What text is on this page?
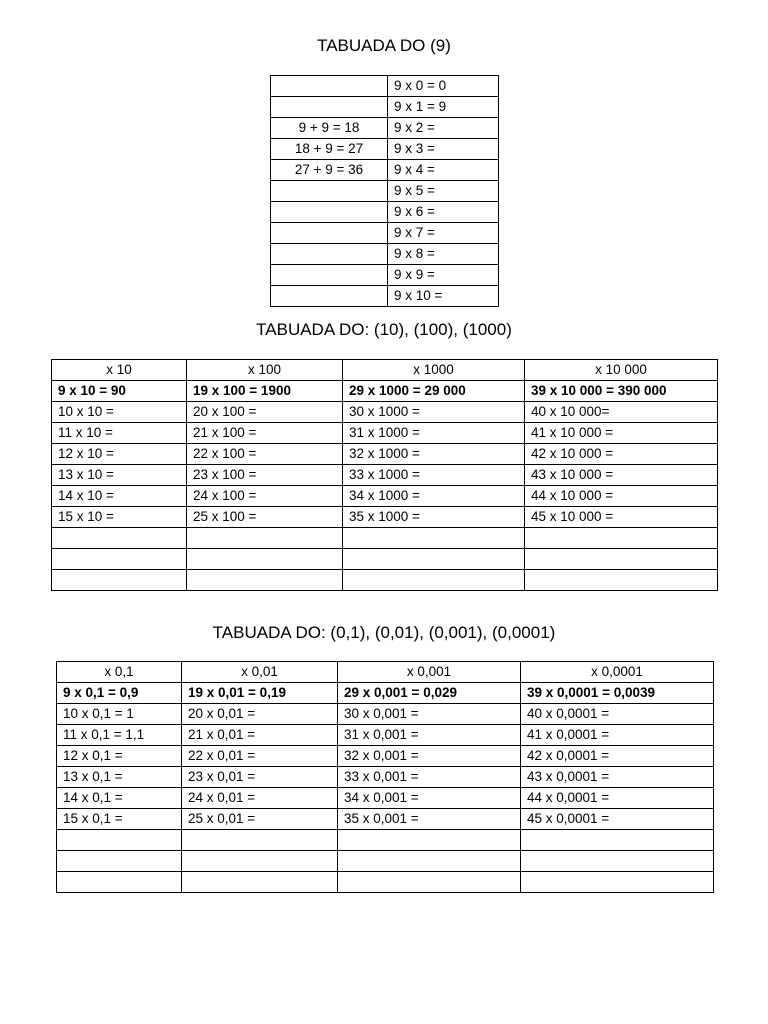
TABUADA DO (9)
	9 x 0 = 0
	9 x 1 = 9
9 + 9 = 18	9 x 2 =
18 + 9 = 27	9 x 3 =
27 + 9 = 36	9 x 4 =
	9 x 5 =
	9 x 6 =
	9 x 7 =
	9 x 8 =
	9 x 9 =
	9 x 10 =
TABUADA DO: (10), (100), (1000)
x 10	x 100	x 1000	x 10 000
9 x 10 = 90	19 x 100 = 1900	29 x 1000 = 29 000	39 x 10 000 = 390 000
10 x 10 =	20 x 100 =	30 x 1000 =	40 x 10 000=
11 x 10 =	21 x 100 =	31 x 1000 =	41 x 10 000 =
12 x 10 =	22 x 100 =	32 x 1000 =	42 x 10 000 =
13 x 10 =	23 x 100 =	33 x 1000 =	43 x 10 000 =
14 x 10 =	24 x 100 =	34 x 1000 =	44 x 10 000 =
15 x 10 =	25 x 100 =	35 x 1000 =	45 x 10 000 =

TABUADA DO: (0,1), (0,01), (0,001), (0,0001)
x 0,1	x 0,01	x 0,001	x 0,0001
9 x 0,1 = 0,9	19 x 0,01 = 0,19	29 x 0,001 = 0,029	39 x 0,0001 = 0,0039
10 x 0,1 = 1	20 x 0,01 =	30 x 0,001 =	40 x 0,0001 =
11 x 0,1 = 1,1	21 x 0,01 =	31 x 0,001 =	41 x 0,0001 =
12 x 0,1 =	22 x 0,01 =	32 x 0,001 =	42 x 0,0001 =
13 x 0,1 =	23 x 0,01 =	33 x 0,001 =	43 x 0,0001 =
14 x 0,1 =	24 x 0,01 =	34 x 0,001 =	44 x 0,0001 =
15 x 0,1 =	25 x 0,01 =	35 x 0,001 =	45 x 0,0001 =
